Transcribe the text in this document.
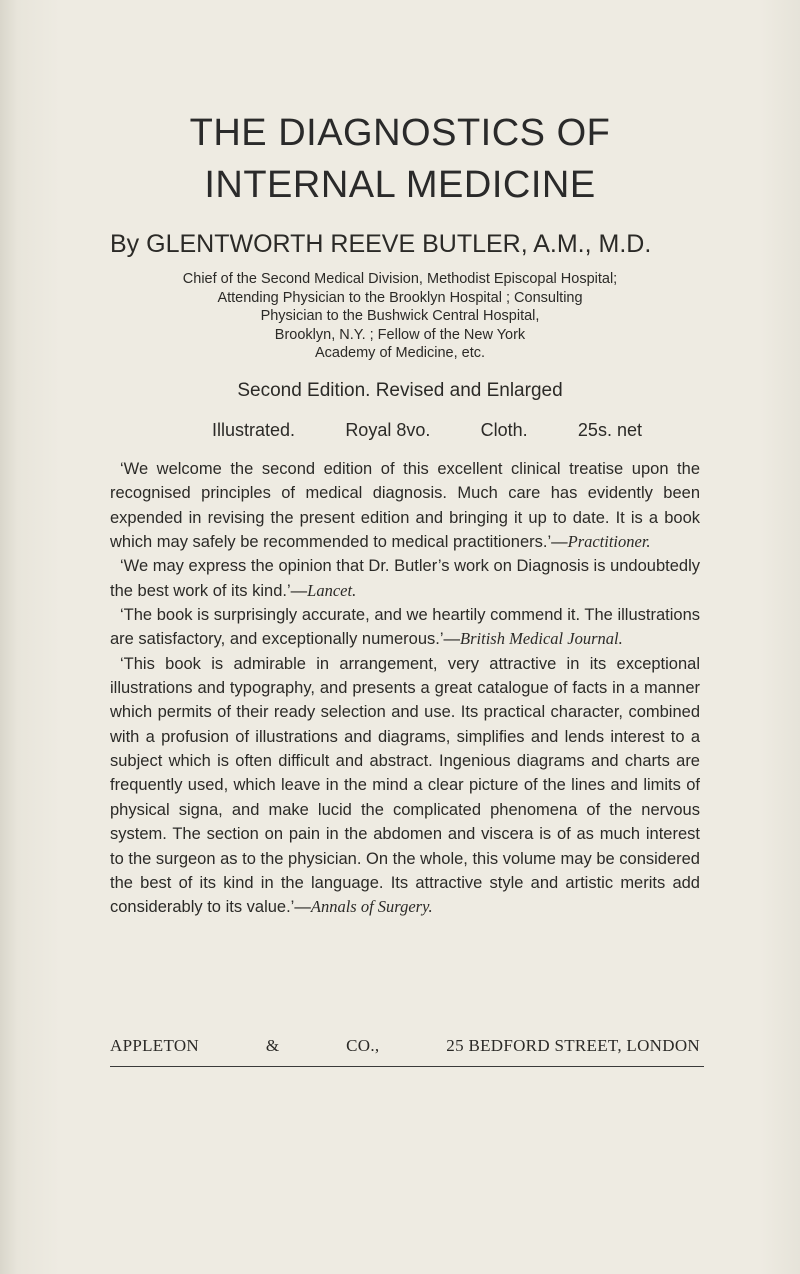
THE DIAGNOSTICS OF
INTERNAL MEDICINE
By GLENTWORTH REEVE BUTLER, A.M., M.D.
Chief of the Second Medical Division, Methodist Episcopal Hospital;
Attending Physician to the Brooklyn Hospital ; Consulting
Physician to the Bushwick Central Hospital,
Brooklyn, N.Y. ; Fellow of the New York
Academy of Medicine, etc.
Second Edition. Revised and Enlarged
Illustrated.	Royal 8vo.	Cloth.	25s. net

‘We welcome the second edition of this excellent clinical treatise upon the recognised principles of medical diagnosis. Much care has evidently been expended in revising the present edition and bringing it up to date. It is a book which may safely be recommended to medical practitioners.’—Practitioner.

‘We may express the opinion that Dr. Butler’s work on Diagnosis is undoubtedly the best work of its kind.’—Lancet.

‘The book is surprisingly accurate, and we heartily commend it. The illustrations are satisfactory, and exceptionally numerous.’—British Medical Journal.

‘This book is admirable in arrangement, very attractive in its exceptional illustrations and typography, and presents a great catalogue of facts in a manner which permits of their ready selection and use. Its practical character, combined with a profusion of illustrations and diagrams, simplifies and lends interest to a subject which is often difficult and abstract. Ingenious diagrams and charts are frequently used, which leave in the mind a clear picture of the lines and limits of physical signa, and make lucid the complicated phenomena of the nervous system. The section on pain in the abdomen and viscera is of as much interest to the surgeon as to the physician. On the whole, this volume may be considered the best of its kind in the language. Its attractive style and artistic merits add considerably to its value.’—Annals of Surgery.

APPLETON	&	CO.,	25 BEDFORD STREET, LONDON
